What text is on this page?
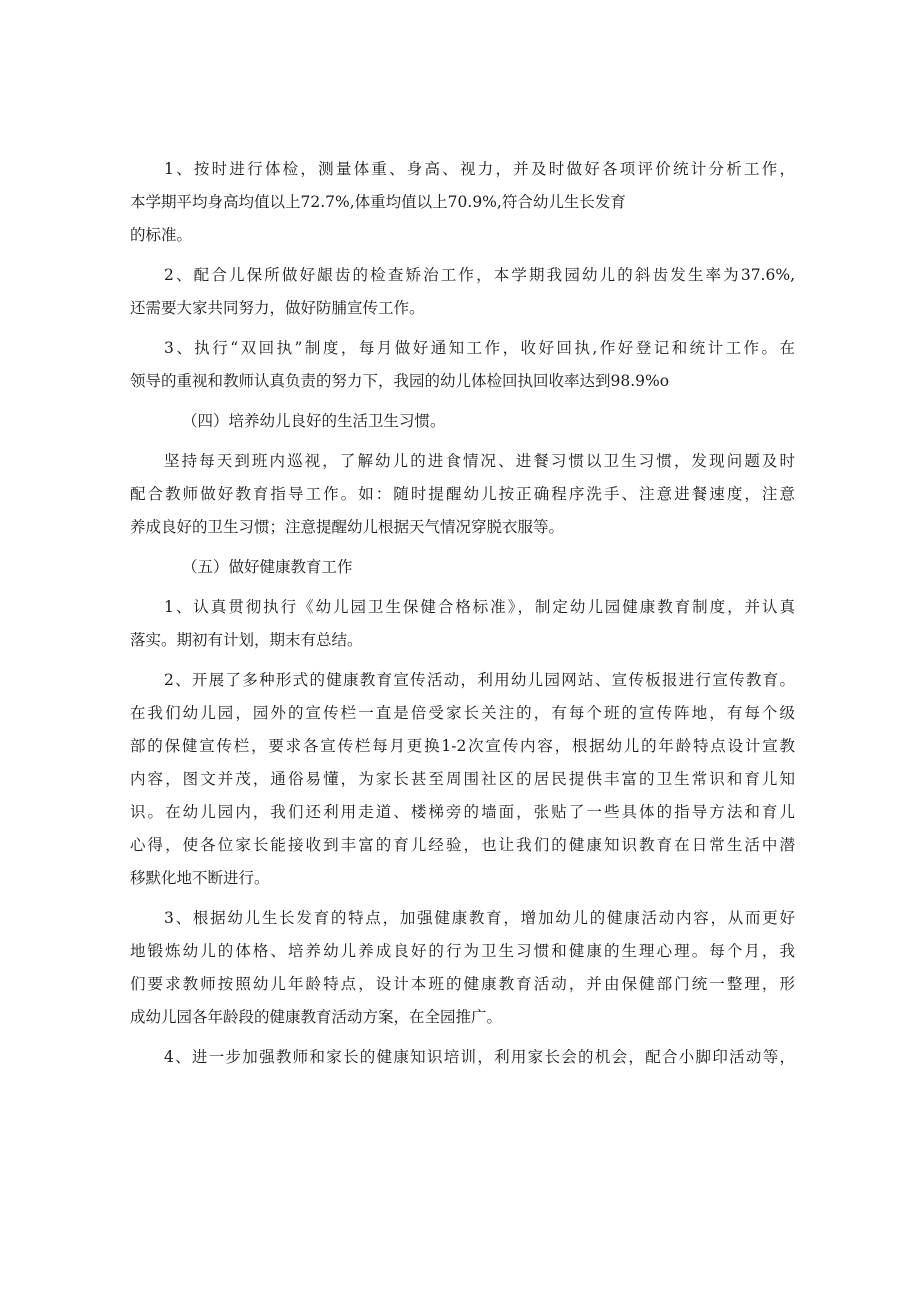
1、按时进行体检，测量体重、身高、视力，并及时做好各项评价统计分析工作，
本学期平均身高均值以上72.7%,体重均值以上70.9%,符合幼儿生长发育
的标准。
2、配合儿保所做好龈齿的检查矫治工作，本学期我园幼儿的斜齿发生率为37.6%,
还需要大家共同努力，做好防脯宣传工作。
3、执行“双回执”制度，每月做好通知工作，收好回执,作好登记和统计工作。在
领导的重视和教师认真负责的努力下，我园的幼儿体检回执回收率达到98.9%o
（四）培养幼儿良好的生活卫生习惯。
坚持每天到班内巡视，了解幼儿的进食情况、进餐习惯以卫生习惯，发现问题及时
配合教师做好教育指导工作。如：随时提醒幼儿按正确程序洗手、注意进餐速度，注意
养成良好的卫生习惯；注意提醒幼儿根据天气情况穿脱衣服等。
（五）做好健康教育工作
1、认真贯彻执行《幼儿园卫生保健合格标准》，制定幼儿园健康教育制度，并认真
落实。期初有计划，期末有总结。
2、开展了多种形式的健康教育宣传活动，利用幼儿园网站、宣传板报进行宣传教育。
在我们幼儿园，园外的宣传栏一直是倍受家长关注的，有每个班的宣传阵地，有每个级
部的保健宣传栏，要求各宣传栏每月更换1-2次宣传内容，根据幼儿的年龄特点设计宣教
内容，图文并茂，通俗易懂，为家长甚至周围社区的居民提供丰富的卫生常识和育儿知
识。在幼儿园内，我们还利用走道、楼梯旁的墙面，张贴了一些具体的指导方法和育儿
心得，使各位家长能接收到丰富的育儿经验，也让我们的健康知识教育在日常生活中潜
移默化地不断进行。
3、根据幼儿生长发育的特点，加强健康教育，增加幼儿的健康活动内容，从而更好
地锻炼幼儿的体格、培养幼儿养成良好的行为卫生习惯和健康的生理心理。每个月，我
们要求教师按照幼儿年龄特点，设计本班的健康教育活动，并由保健部门统一整理，形
成幼儿园各年龄段的健康教育活动方案，在全园推广。
4、进一步加强教师和家长的健康知识培训，利用家长会的机会，配合小脚印活动等，
